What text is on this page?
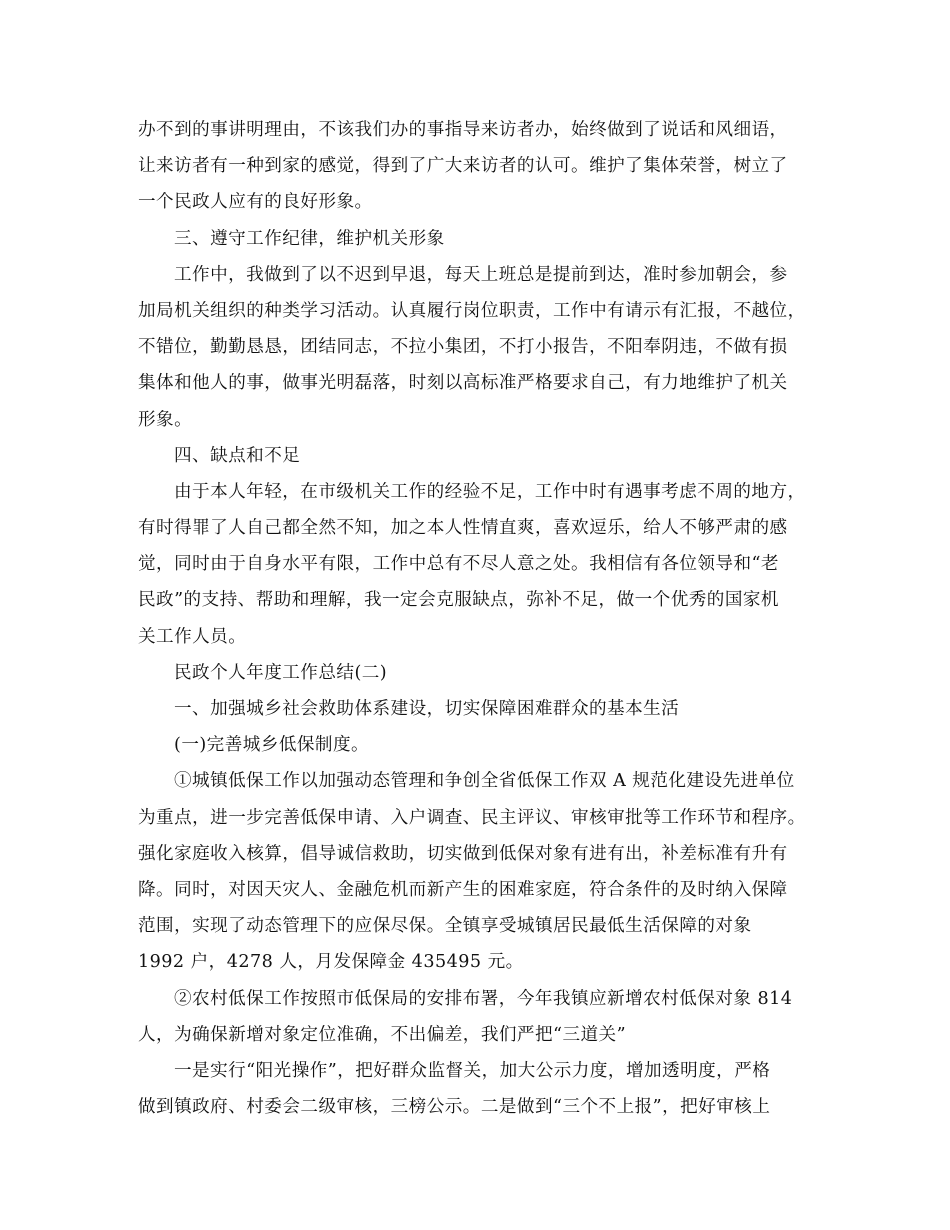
办不到的事讲明理由，不该我们办的事指导来访者办，始终做到了说话和风细语，
让来访者有一种到家的感觉，得到了广大来访者的认可。维护了集体荣誉，树立了
一个民政人应有的良好形象。
三、遵守工作纪律，维护机关形象
工作中，我做到了以不迟到早退，每天上班总是提前到达，准时参加朝会，参
加局机关组织的种类学习活动。认真履行岗位职责，工作中有请示有汇报，不越位，
不错位，勤勤恳恳，团结同志，不拉小集团，不打小报告，不阳奉阴违，不做有损
集体和他人的事，做事光明磊落，时刻以高标准严格要求自己，有力地维护了机关
形象。
四、缺点和不足
由于本人年轻，在市级机关工作的经验不足，工作中时有遇事考虑不周的地方，
有时得罪了人自己都全然不知，加之本人性情直爽，喜欢逗乐，给人不够严肃的感
觉，同时由于自身水平有限，工作中总有不尽人意之处。我相信有各位领导和“老
民政”的支持、帮助和理解，我一定会克服缺点，弥补不足，做一个优秀的国家机
关工作人员。
民政个人年度工作总结(二)
一、加强城乡社会救助体系建设，切实保障困难群众的基本生活
(一)完善城乡低保制度。
①城镇低保工作以加强动态管理和争创全省低保工作双 A 规范化建设先进单位
为重点，进一步完善低保申请、入户调查、民主评议、审核审批等工作环节和程序。
强化家庭收入核算，倡导诚信救助，切实做到低保对象有进有出，补差标准有升有
降。同时，对因天灾人、金融危机而新产生的困难家庭，符合条件的及时纳入保障
范围，实现了动态管理下的应保尽保。全镇享受城镇居民最低生活保障的对象
1992 户，4278 人，月发保障金 435495 元。
②农村低保工作按照市低保局的安排布署，今年我镇应新增农村低保对象 814
人，为确保新增对象定位准确，不出偏差，我们严把“三道关”
一是实行“阳光操作”，把好群众监督关，加大公示力度，增加透明度，严格
做到镇政府、村委会二级审核，三榜公示。二是做到“三个不上报”，把好审核上
